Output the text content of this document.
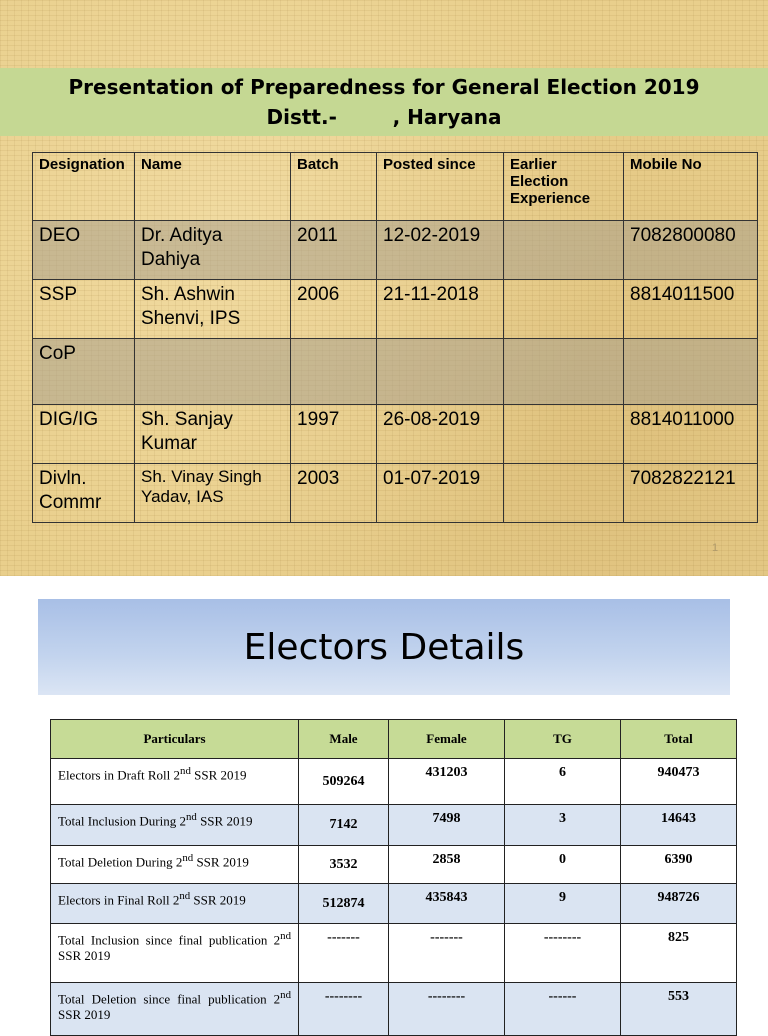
Presentation of Preparedness for General Election 2019
Distt.-        , Haryana
Designation	Name	Batch	Posted since	Earlier Election Experience	Mobile No
DEO	Dr. Aditya Dahiya	2011	12-02-2019		7082800080
SSP	Sh. Ashwin Shenvi, IPS	2006	21-11-2018		8814011500
CoP					
DIG/IG	Sh. Sanjay Kumar	1997	26-08-2019		8814011000
Divln. Commr	Sh. Vinay Singh Yadav, IAS	2003	01-07-2019		7082822121
1
Electors Details
Particulars	Male	Female	TG	Total
Electors in Draft Roll 2nd SSR 2019	509264	431203	6	940473
Total Inclusion During 2nd SSR 2019	7142	7498	3	14643
Total Deletion During 2nd SSR 2019	3532	2858	0	6390
Electors in Final Roll 2nd SSR 2019	512874	435843	9	948726
Total Inclusion since final publication 2nd SSR 2019	-------	-------	--------	825
Total Deletion since final publication 2nd SSR 2019	--------	--------	------	553
